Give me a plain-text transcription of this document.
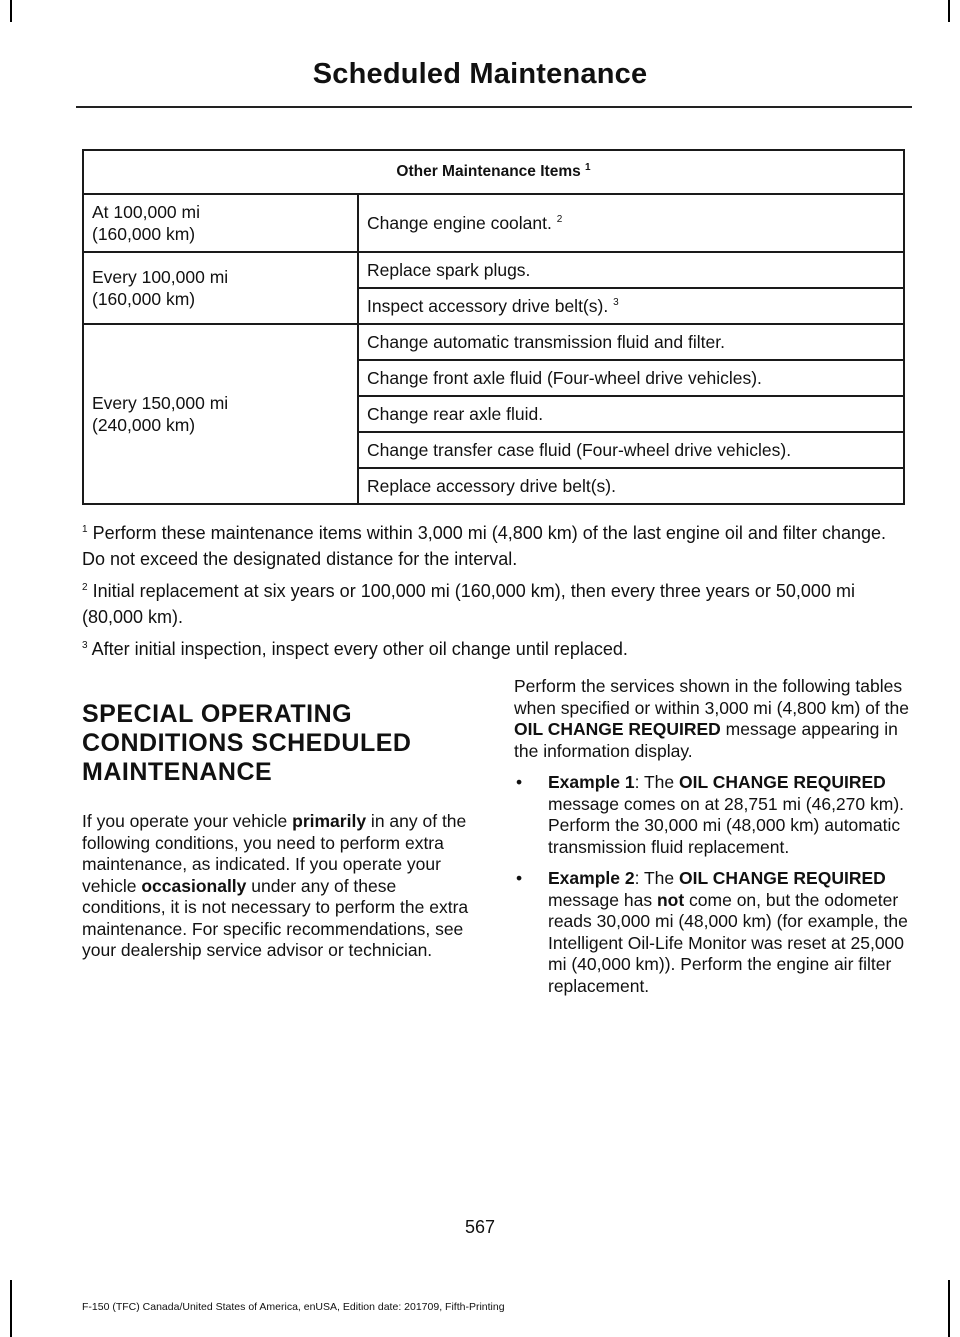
Scheduled Maintenance
Other Maintenance Items $^1$
At 100,000 mi
(160,000 km)	Change engine coolant. $^2$
Every 100,000 mi
(160,000 km)	Replace spark plugs.
	Inspect accessory drive belt(s). $^3$
Every 150,000 mi
(240,000 km)	Change automatic transmission fluid and filter.
	Change front axle fluid (Four-wheel drive vehicles).
	Change rear axle fluid.
	Change transfer case fluid (Four-wheel drive vehicles).
	Replace accessory drive belt(s).

$^1$ Perform these maintenance items within 3,000 mi (4,800 km) of the last engine oil and filter change. Do not exceed the designated distance for the interval.

$^2$ Initial replacement at six years or 100,000 mi (160,000 km), then every three years or 50,000 mi (80,000 km).

$^3$ After initial inspection, inspect every other oil change until replaced.

SPECIAL OPERATING
CONDITIONS SCHEDULED
MAINTENANCE

If you operate your vehicle primarily in any of the following conditions, you need to perform extra maintenance, as indicated. If you operate your vehicle occasionally under any of these conditions, it is not necessary to perform the extra maintenance. For specific recommendations, see your dealership service advisor or technician.

Perform the services shown in the following tables when specified or within 3,000 mi (4,800 km) of the OIL CHANGE REQUIRED message appearing in the information display.

• Example 1: The OIL CHANGE REQUIRED message comes on at 28,751 mi (46,270 km). Perform the 30,000 mi (48,000 km) automatic transmission fluid replacement.
• Example 2: The OIL CHANGE REQUIRED message has not come on, but the odometer reads 30,000 mi (48,000 km) (for example, the Intelligent Oil-Life Monitor was reset at 25,000 mi (40,000 km)). Perform the engine air filter replacement.
567
F-150 (TFC) Canada/United States of America, enUSA, Edition date: 201709, Fifth-Printing
